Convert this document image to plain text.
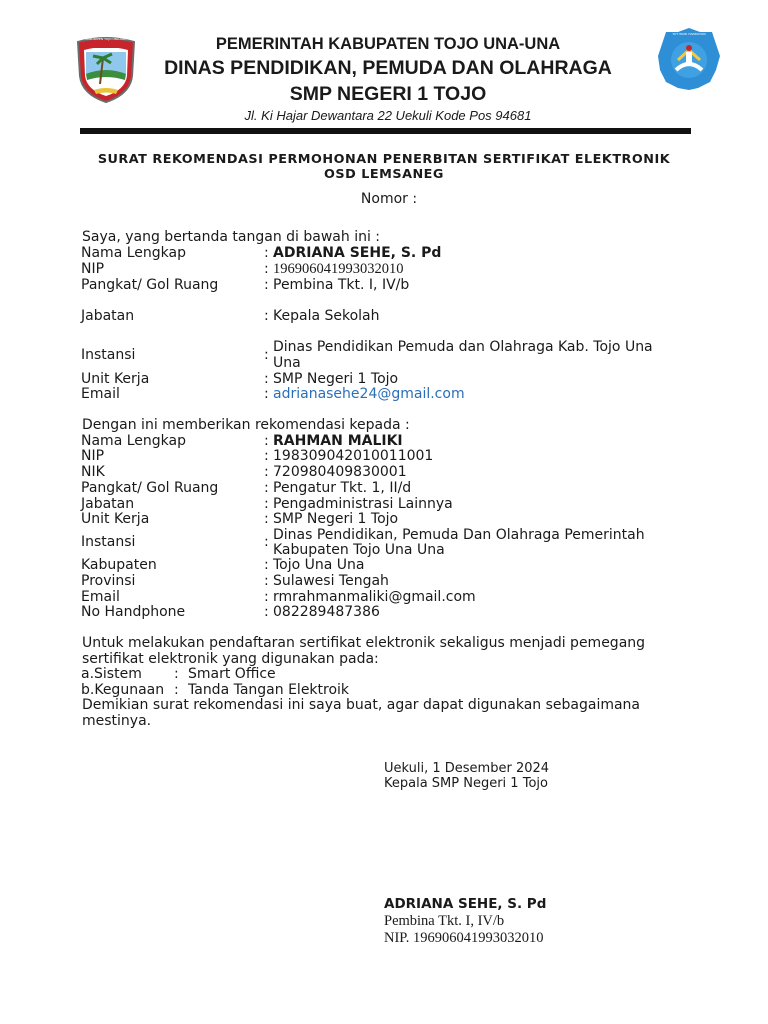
KABUPATEN TOJO UNA-UNA
TUT WURI HANDAYANI
PEMERINTAH KABUPATEN TOJO UNA-UNA
DINAS PENDIDIKAN, PEMUDA DAN OLAHRAGA
SMP NEGERI 1 TOJO
Jl. Ki Hajar Dewantara 22 Uekuli Kode Pos 94681
SURAT REKOMENDASI PERMOHONAN PENERBITAN SERTIFIKAT ELEKTRONIK
OSD LEMSANEG
Nomor :
Saya, yang bertanda tangan di bawah ini :
Nama Lengkap	: ADRIANA SEHE, S. Pd
NIP	: 196906041993032010
Pangkat/ Gol Ruang	: Pembina Tkt. I, IV/b
Jabatan	: Kepala Sekolah
Instansi	: Dinas Pendidikan Pemuda dan Olahraga Kab. Tojo Una
Una
Unit Kerja	: SMP Negeri 1 Tojo
Email	: adrianasehe24@gmail.com
Dengan ini memberikan rekomendasi kepada :
Nama Lengkap	: RAHMAN MALIKI
NIP	: 198309042010011001
NIK	: 720980409830001
Pangkat/ Gol Ruang	: Pengatur Tkt. 1, II/d
Jabatan	: Pengadministrasi Lainnya
Unit Kerja	: SMP Negeri 1 Tojo
Instansi	: Dinas Pendidikan, Pemuda Dan Olahraga Pemerintah
Kabupaten Tojo Una Una
Kabupaten	: Tojo Una Una
Provinsi	: Sulawesi Tengah
Email	: rmrahmanmaliki@gmail.com
No Handphone	: 082289487386
Untuk melakukan pendaftaran sertifikat elektronik sekaligus menjadi pemegang
sertifikat elektronik yang digunakan pada:
a.Sistem : Smart Office
b.Kegunaan : Tanda Tangan Elektroik
Demikian surat rekomendasi ini saya buat, agar dapat digunakan sebagaimana
mestinya.
Uekuli, 1 Desember 2024
Kepala SMP Negeri 1 Tojo
ADRIANA SEHE, S. Pd
Pembina Tkt. I, IV/b
NIP. 196906041993032010
